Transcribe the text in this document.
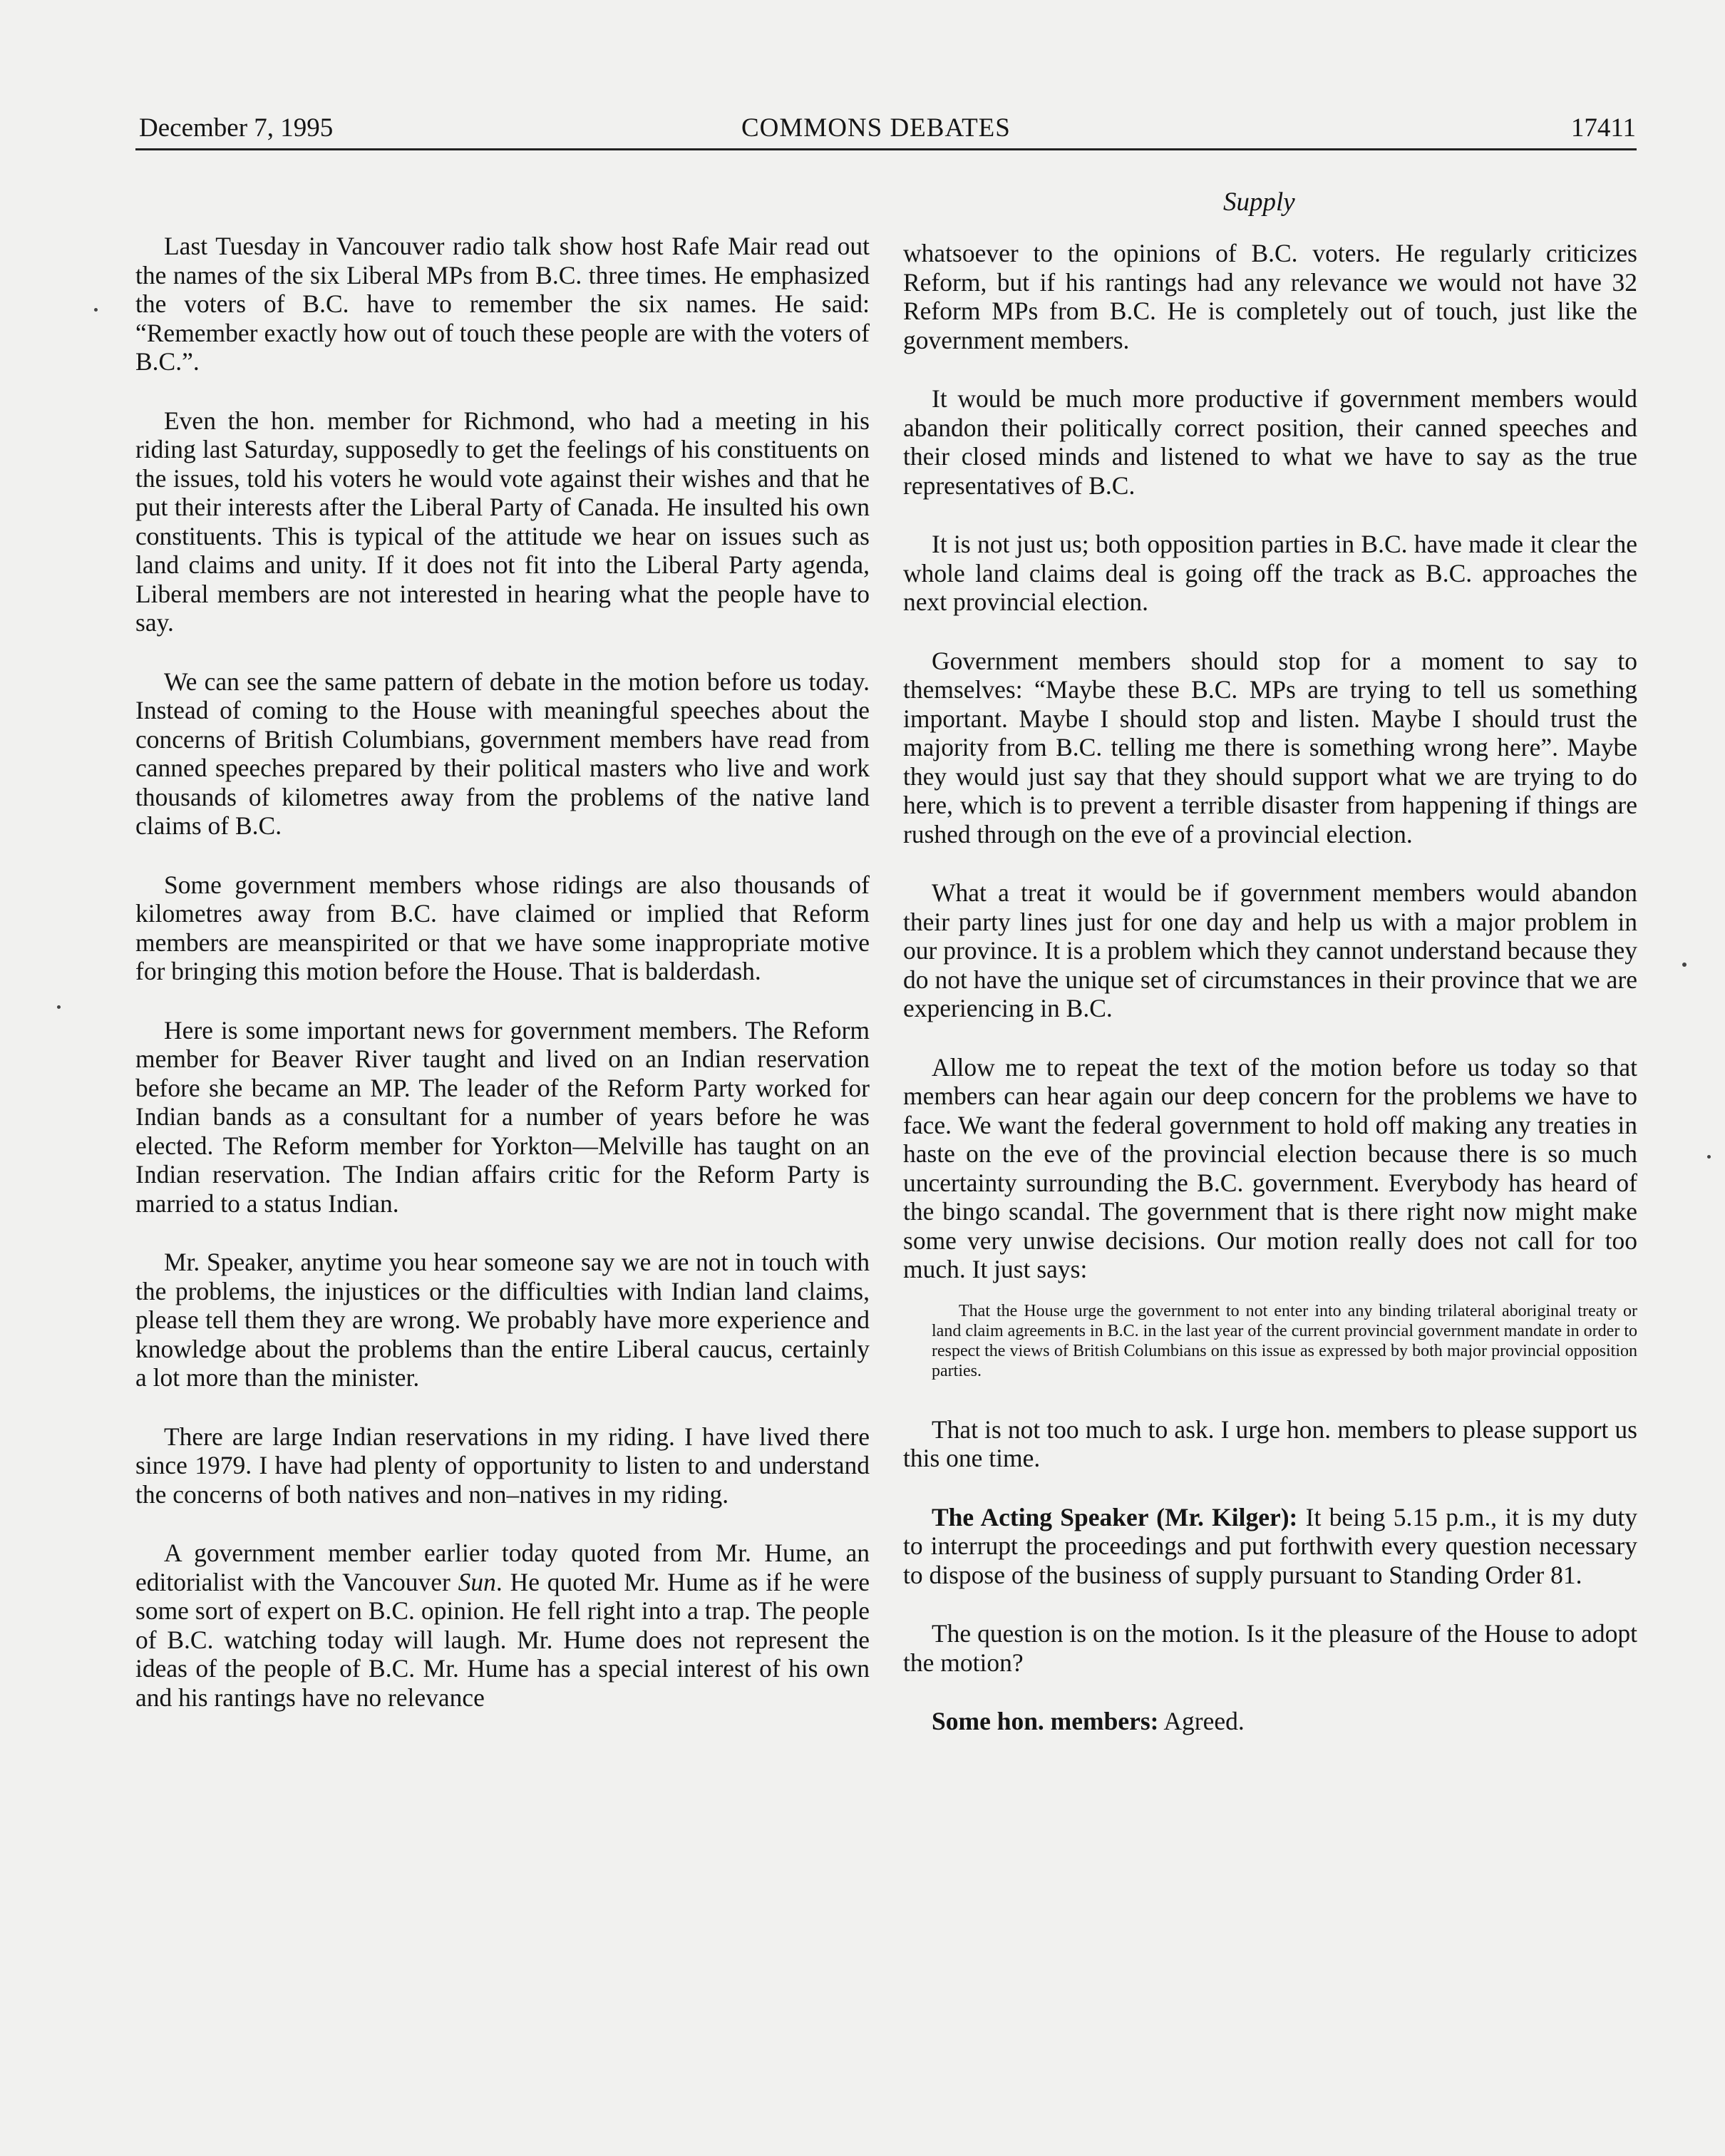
December 7, 1995	COMMONS DEBATES	17411
Supply

Last Tuesday in Vancouver radio talk show host Rafe Mair read out the names of the six Liberal MPs from B.C. three times. He emphasized the voters of B.C. have to remember the six names. He said: “Remember exactly how out of touch these people are with the voters of B.C.”.

Even the hon. member for Richmond, who had a meeting in his riding last Saturday, supposedly to get the feelings of his constituents on the issues, told his voters he would vote against their wishes and that he put their interests after the Liberal Party of Canada. He insulted his own constituents. This is typical of the attitude we hear on issues such as land claims and unity. If it does not fit into the Liberal Party agenda, Liberal members are not interested in hearing what the people have to say.

We can see the same pattern of debate in the motion before us today. Instead of coming to the House with meaningful speeches about the concerns of British Columbians, government members have read from canned speeches prepared by their political masters who live and work thousands of kilometres away from the problems of the native land claims of B.C.

Some government members whose ridings are also thousands of kilometres away from B.C. have claimed or implied that Reform members are meanspirited or that we have some inappropriate motive for bringing this motion before the House. That is balderdash.

Here is some important news for government members. The Reform member for Beaver River taught and lived on an Indian reservation before she became an MP. The leader of the Reform Party worked for Indian bands as a consultant for a number of years before he was elected. The Reform member for Yorkton—Melville has taught on an Indian reservation. The Indian affairs critic for the Reform Party is married to a status Indian.

Mr. Speaker, anytime you hear someone say we are not in touch with the problems, the injustices or the difficulties with Indian land claims, please tell them they are wrong. We probably have more experience and knowledge about the problems than the entire Liberal caucus, certainly a lot more than the minister.

There are large Indian reservations in my riding. I have lived there since 1979. I have had plenty of opportunity to listen to and understand the concerns of both natives and non–natives in my riding.

A government member earlier today quoted from Mr. Hume, an editorialist with the Vancouver Sun. He quoted Mr. Hume as if he were some sort of expert on B.C. opinion. He fell right into a trap. The people of B.C. watching today will laugh. Mr. Hume does not represent the ideas of the people of B.C. Mr. Hume has a special interest of his own and his rantings have no relevance

whatsoever to the opinions of B.C. voters. He regularly criticizes Reform, but if his rantings had any relevance we would not have 32 Reform MPs from B.C. He is completely out of touch, just like the government members.

It would be much more productive if government members would abandon their politically correct position, their canned speeches and their closed minds and listened to what we have to say as the true representatives of B.C.

It is not just us; both opposition parties in B.C. have made it clear the whole land claims deal is going off the track as B.C. approaches the next provincial election.

Government members should stop for a moment to say to themselves: “Maybe these B.C. MPs are trying to tell us something important. Maybe I should stop and listen. Maybe I should trust the majority from B.C. telling me there is something wrong here”. Maybe they would just say that they should support what we are trying to do here, which is to prevent a terrible disaster from happening if things are rushed through on the eve of a provincial election.

What a treat it would be if government members would abandon their party lines just for one day and help us with a major problem in our province. It is a problem which they cannot understand because they do not have the unique set of circumstances in their province that we are experiencing in B.C.

Allow me to repeat the text of the motion before us today so that members can hear again our deep concern for the problems we have to face. We want the federal government to hold off making any treaties in haste on the eve of the provincial election because there is so much uncertainty surrounding the B.C. government. Everybody has heard of the bingo scandal. The government that is there right now might make some very unwise decisions. Our motion really does not call for too much. It just says:

That the House urge the government to not enter into any binding trilateral aboriginal treaty or land claim agreements in B.C. in the last year of the current provincial government mandate in order to respect the views of British Columbians on this issue as expressed by both major provincial opposition parties.

That is not too much to ask. I urge hon. members to please support us this one time.

The Acting Speaker (Mr. Kilger): It being 5.15 p.m., it is my duty to interrupt the proceedings and put forthwith every question necessary to dispose of the business of supply pursuant to Standing Order 81.

The question is on the motion. Is it the pleasure of the House to adopt the motion?

Some hon. members: Agreed.
